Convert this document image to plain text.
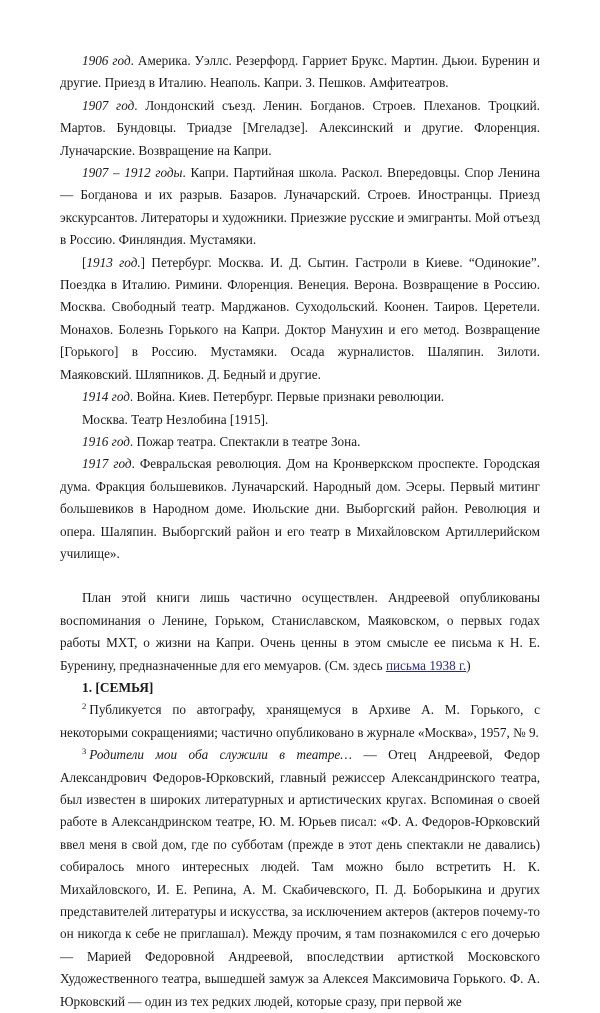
1906 год. Америка. Уэллс. Резерфорд. Гарриет Брукс. Мартин. Дьюи. Буренин и другие. Приезд в Италию. Неаполь. Капри. З. Пешков. Амфитеатров.

1907 год. Лондонский съезд. Ленин. Богданов. Строев. Плеханов. Троцкий. Мартов. Бундовцы. Триадзе [Мгеладзе]. Алексинский и другие. Флоренция. Луначарские. Возвращение на Капри.

1907 – 1912 годы. Капри. Партийная школа. Раскол. Впередовцы. Спор Ленина — Богданова и их разрыв. Базаров. Луначарский. Строев. Иностранцы. Приезд экскурсантов. Литераторы и художники. Приезжие русские и эмигранты. Мой отъезд в Россию. Финляндия. Мустамяки.

[1913 год.] Петербург. Москва. И. Д. Сытин. Гастроли в Киеве. “Одинокие”. Поездка в Италию. Римини. Флоренция. Венеция. Верона. Возвращение в Россию. Москва. Свободный театр. Марджанов. Суходольский. Коонен. Таиров. Церетели. Монахов. Болезнь Горького на Капри. Доктор Манухин и его метод. Возвращение [Горького] в Россию. Мустамяки. Осада журналистов. Шаляпин. Зилоти. Маяковский. Шляпников. Д. Бедный и другие.

1914 год. Война. Киев. Петербург. Первые признаки революции.

Москва. Театр Незлобина [1915].

1916 год. Пожар театра. Спектакли в театре Зона.

1917 год. Февральская революция. Дом на Кронверкском проспекте. Городская дума. Фракция большевиков. Луначарский. Народный дом. Эсеры. Первый митинг большевиков в Народном доме. Июльские дни. Выборгский район. Революция и опера. Шаляпин. Выборгский район и его театр в Михайловском Артиллерийском училище».

План этой книги лишь частично осуществлен. Андреевой опубликованы воспоминания о Ленине, Горьком, Станиславском, Маяковском, о первых годах работы МХТ, о жизни на Капри. Очень ценны в этом смысле ее письма к Н. Е. Буренину, предназначенные для его мемуаров. (См. здесь письма 1938 г.)

1. [СЕМЬЯ]

$^2$ Публикуется по автографу, хранящемуся в Архиве А. М. Горького, с некоторыми сокращениями; частично опубликовано в журнале «Москва», 1957, № 9.

$^3$ Родители мои оба служили в театре… — Отец Андреевой, Федор Александрович Федоров-Юрковский, главный режиссер Александринского театра, был известен в широких литературных и артистических кругах. Вспоминая о своей работе в Александринском театре, Ю. М. Юрьев писал: «Ф. А. Федоров-Юрковский ввел меня в свой дом, где по субботам (прежде в этот день спектакли не давались) собиралось много интересных людей. Там можно было встретить Н. К. Михайловского, И. Е. Репина, А. М. Скабичевского, П. Д. Боборыкина и других представителей литературы и искусства, за исключением актеров (актеров почему-то он никогда к себе не приглашал). Между прочим, я там познакомился с его дочерью — Марией Федоровной Андреевой, впоследствии артисткой Московского Художественного театра, вышедшей замуж за Алексея Максимовича Горького. Ф. А. Юрковский — один из тех редких людей, которые сразу, при первой же
